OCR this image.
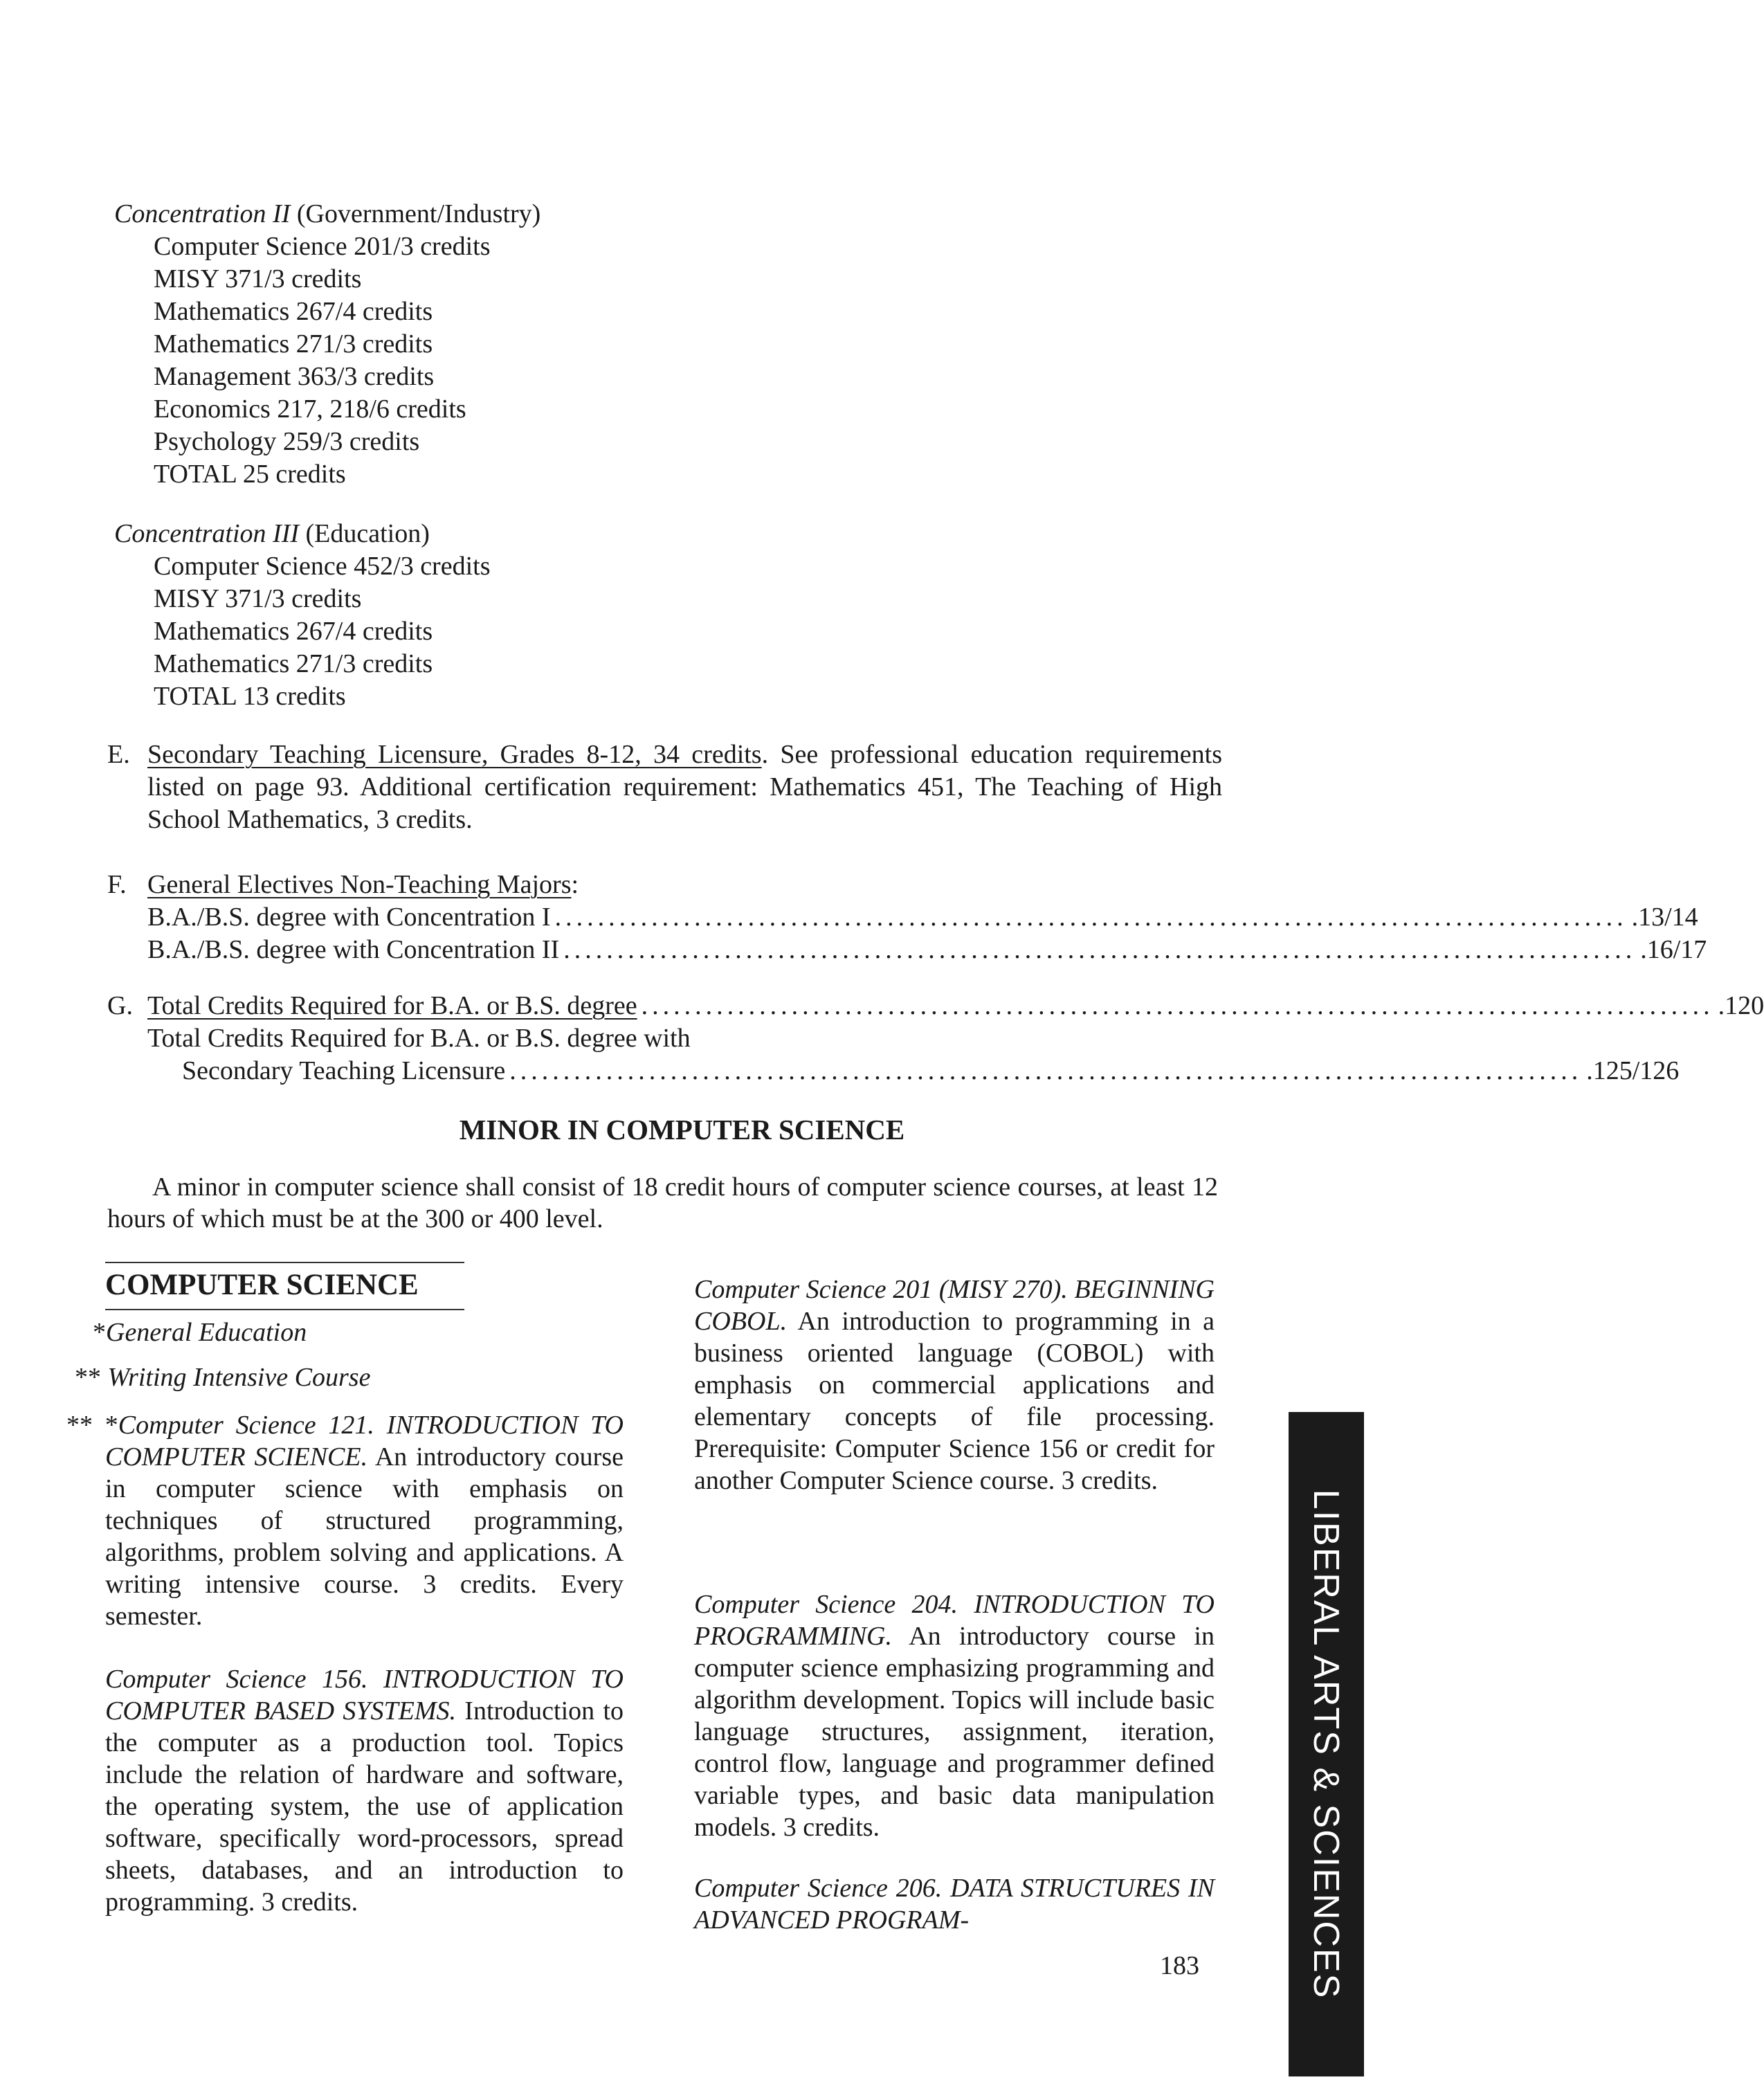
Concentration II (Government/Industry)
Computer Science 201/3 credits
MISY 371/3 credits
Mathematics 267/4 credits
Mathematics 271/3 credits
Management 363/3 credits
Economics 217, 218/6 credits
Psychology 259/3 credits
TOTAL 25 credits
Concentration III (Education)
Computer Science 452/3 credits
MISY 371/3 credits
Mathematics 267/4 credits
Mathematics 271/3 credits
TOTAL 13 credits
E. Secondary Teaching Licensure, Grades 8-12, 34 credits. See professional education requirements listed on page 93. Additional certification requirement: Mathematics 451, The Teaching of High School Mathematics, 3 credits.
F. General Electives Non-Teaching Majors:
B.A./B.S. degree with Concentration I .................................................................................................... .13/14
B.A./B.S. degree with Concentration II .................................................................................................... .16/17
G. Total Credits Required for B.A. or B.S. degree .................................................................................................... .120
Total Credits Required for B.A. or B.S. degree with
Secondary Teaching Licensure .................................................................................................... .125/126
MINOR IN COMPUTER SCIENCE
A minor in computer science shall consist of 18 credit hours of computer science courses, at least 12 hours of which must be at the 300 or 400 level.
COMPUTER SCIENCE
*General Education
** Writing Intensive Course

** *Computer Science 121. INTRODUCTION TO COMPUTER SCIENCE. An introductory course in computer science with emphasis on techniques of structured programming, algorithms, problem solving and applications. A writing intensive course. 3 credits. Every semester.

Computer Science 156. INTRODUCTION TO COMPUTER BASED SYSTEMS. Introduction to the computer as a production tool. Topics include the relation of hardware and software, the operating system, the use of application software, specifically word-processors, spread sheets, databases, and an introduction to programming. 3 credits.

Computer Science 201 (MISY 270). BEGINNING COBOL. An introduction to programming in a business oriented language (COBOL) with emphasis on commercial applications and elementary concepts of file processing. Prerequisite: Computer Science 156 or credit for another Computer Science course. 3 credits.

Computer Science 204. INTRODUCTION TO PROGRAMMING. An introductory course in computer science emphasizing programming and algorithm development. Topics will include basic language structures, assignment, iteration, control flow, language and programmer defined variable types, and basic data manipulation models. 3 credits.

Computer Science 206. DATA STRUCTURES IN ADVANCED PROGRAM-

183	LIBERAL ARTS & SCIENCES
